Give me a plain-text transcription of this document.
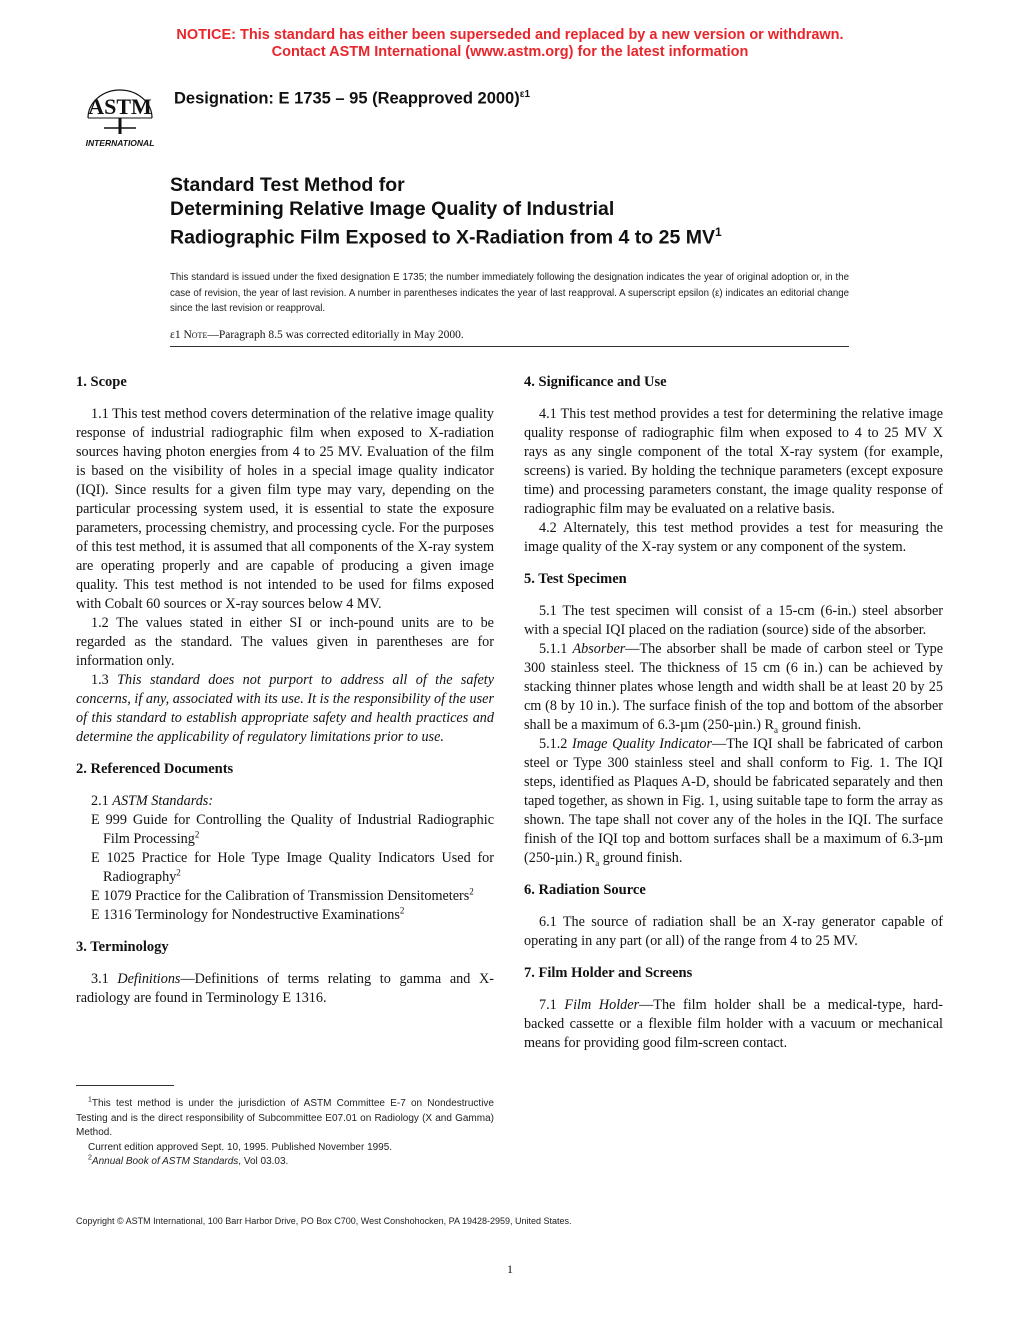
NOTICE: This standard has either been superseded and replaced by a new version or withdrawn.
Contact ASTM International (www.astm.org) for the latest information
ASTM
INTERNATIONAL
Designation: E 1735 – 95 (Reapproved 2000)$^{\varepsilon 1}$
Standard Test Method for
Determining Relative Image Quality of Industrial
Radiographic Film Exposed to X-Radiation from 4 to 25 $MV^1$
This standard is issued under the fixed designation E 1735; the number immediately following the designation indicates the year of original adoption or, in the case of revision, the year of last revision. A number in parentheses indicates the year of last reapproval. A superscript epsilon (ε) indicates an editorial change since the last revision or reapproval.
ε1 Note—Paragraph 8.5 was corrected editorially in May 2000.
1. Scope

1.1 This test method covers determination of the relative image quality response of industrial radiographic film when exposed to X-radiation sources having photon energies from 4 to 25 MV. Evaluation of the film is based on the visibility of holes in a special image quality indicator (IQI). Since results for a given film type may vary, depending on the particular processing system used, it is essential to state the exposure parameters, processing chemistry, and processing cycle. For the purposes of this test method, it is assumed that all components of the X-ray system are operating properly and are capable of producing a given image quality. This test method is not intended to be used for films exposed with Cobalt 60 sources or X-ray sources below 4 MV.

1.2 The values stated in either SI or inch-pound units are to be regarded as the standard. The values given in parentheses are for information only.

1.3 This standard does not purport to address all of the safety concerns, if any, associated with its use. It is the responsibility of the user of this standard to establish appropriate safety and health practices and determine the applicability of regulatory limitations prior to use.

2. Referenced Documents

2.1 ASTM Standards:

E 999 Guide for Controlling the Quality of Industrial Radiographic Film Processing$^2$
E 1025 Practice for Hole Type Image Quality Indicators Used for Radiography$^2$
E 1079 Practice for the Calibration of Transmission Densitometers$^2$
E 1316 Terminology for Nondestructive Examinations$^2$
3. Terminology

3.1 Definitions—Definitions of terms relating to gamma and X-radiology are found in Terminology E 1316.

$^1$This test method is under the jurisdiction of ASTM Committee E-7 on Nondestructive Testing and is the direct responsibility of Subcommittee E07.01 on Radiology (X and Gamma) Method.

Current edition approved Sept. 10, 1995. Published November 1995.

$^2$Annual Book of ASTM Standards, Vol 03.03.

4. Significance and Use

4.1 This test method provides a test for determining the relative image quality response of radiographic film when exposed to 4 to 25 MV X rays as any single component of the total X-ray system (for example, screens) is varied. By holding the technique parameters (except exposure time) and processing parameters constant, the image quality response of radiographic film may be evaluated on a relative basis.

4.2 Alternately, this test method provides a test for measuring the image quality of the X-ray system or any component of the system.

5. Test Specimen

5.1 The test specimen will consist of a 15-cm (6-in.) steel absorber with a special IQI placed on the radiation (source) side of the absorber.

5.1.1 Absorber—The absorber shall be made of carbon steel or Type 300 stainless steel. The thickness of 15 cm (6 in.) can be achieved by stacking thinner plates whose length and width shall be at least 20 by 25 cm (8 by 10 in.). The surface finish of the top and bottom of the absorber shall be a maximum of 6.3-µm (250-µin.) $R_a$ ground finish.

5.1.2 Image Quality Indicator—The IQI shall be fabricated of carbon steel or Type 300 stainless steel and shall conform to Fig. 1. The IQI steps, identified as Plaques A-D, should be fabricated separately and then taped together, as shown in Fig. 1, using suitable tape to form the array as shown. The tape shall not cover any of the holes in the IQI. The surface finish of the IQI top and bottom surfaces shall be a maximum of 6.3-µm (250-µin.) $R_a$ ground finish.

6. Radiation Source

6.1 The source of radiation shall be an X-ray generator capable of operating in any part (or all) of the range from 4 to 25 MV.

7. Film Holder and Screens

7.1 Film Holder—The film holder shall be a medical-type, hard-backed cassette or a flexible film holder with a vacuum or mechanical means for providing good film-screen contact.

Copyright © ASTM International, 100 Barr Harbor Drive, PO Box C700, West Conshohocken, PA 19428-2959, United States.
1
